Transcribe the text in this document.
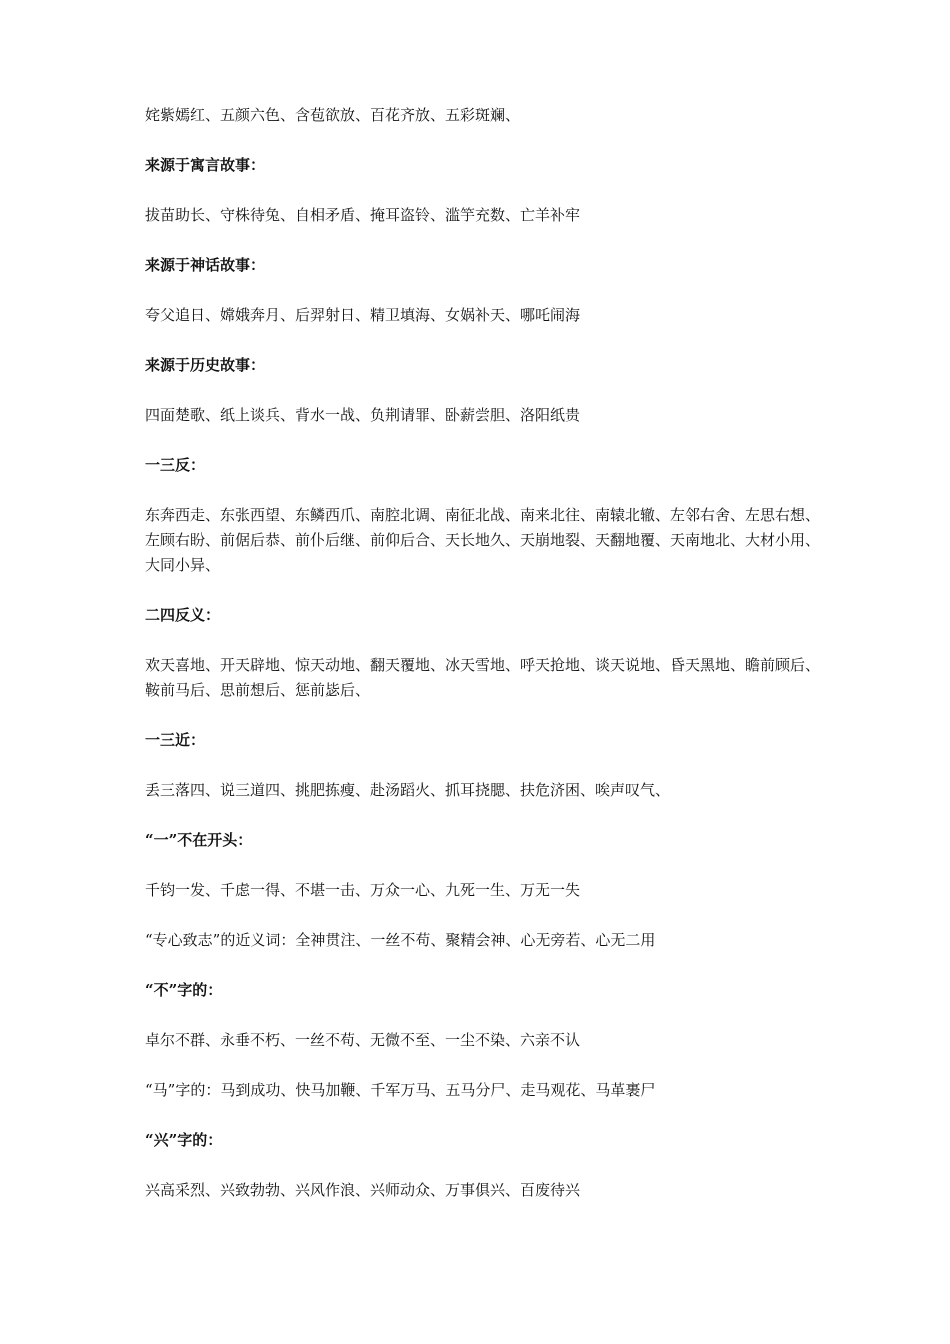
姹紫嫣红、五颜六色、含苞欲放、百花齐放、五彩斑斓、

来源于寓言故事：

拔苗助长、守株待兔、自相矛盾、掩耳盗铃、滥竽充数、亡羊补牢

来源于神话故事：

夸父追日、嫦娥奔月、后羿射日、精卫填海、女娲补天、哪吒闹海

来源于历史故事：

四面楚歌、纸上谈兵、背水一战、负荆请罪、卧薪尝胆、洛阳纸贵

一三反：

东奔西走、东张西望、东鳞西爪、南腔北调、南征北战、南来北往、南辕北辙、左邻右舍、左思右想、左顾右盼、前倨后恭、前仆后继、前仰后合、天长地久、天崩地裂、天翻地覆、天南地北、大材小用、大同小异、

二四反义：

欢天喜地、开天辟地、惊天动地、翻天覆地、冰天雪地、呼天抢地、谈天说地、昏天黑地、瞻前顾后、鞍前马后、思前想后、惩前毖后、

一三近：

丢三落四、说三道四、挑肥拣瘦、赴汤蹈火、抓耳挠腮、扶危济困、唉声叹气、

“一”不在开头：

千钧一发、千虑一得、不堪一击、万众一心、九死一生、万无一失

“专心致志”的近义词：全神贯注、一丝不苟、聚精会神、心无旁若、心无二用

“不”字的：

卓尔不群、永垂不朽、一丝不苟、无微不至、一尘不染、六亲不认

“马”字的：马到成功、快马加鞭、千军万马、五马分尸、走马观花、马革裹尸

“兴”字的：

兴高采烈、兴致勃勃、兴风作浪、兴师动众、万事俱兴、百废待兴
